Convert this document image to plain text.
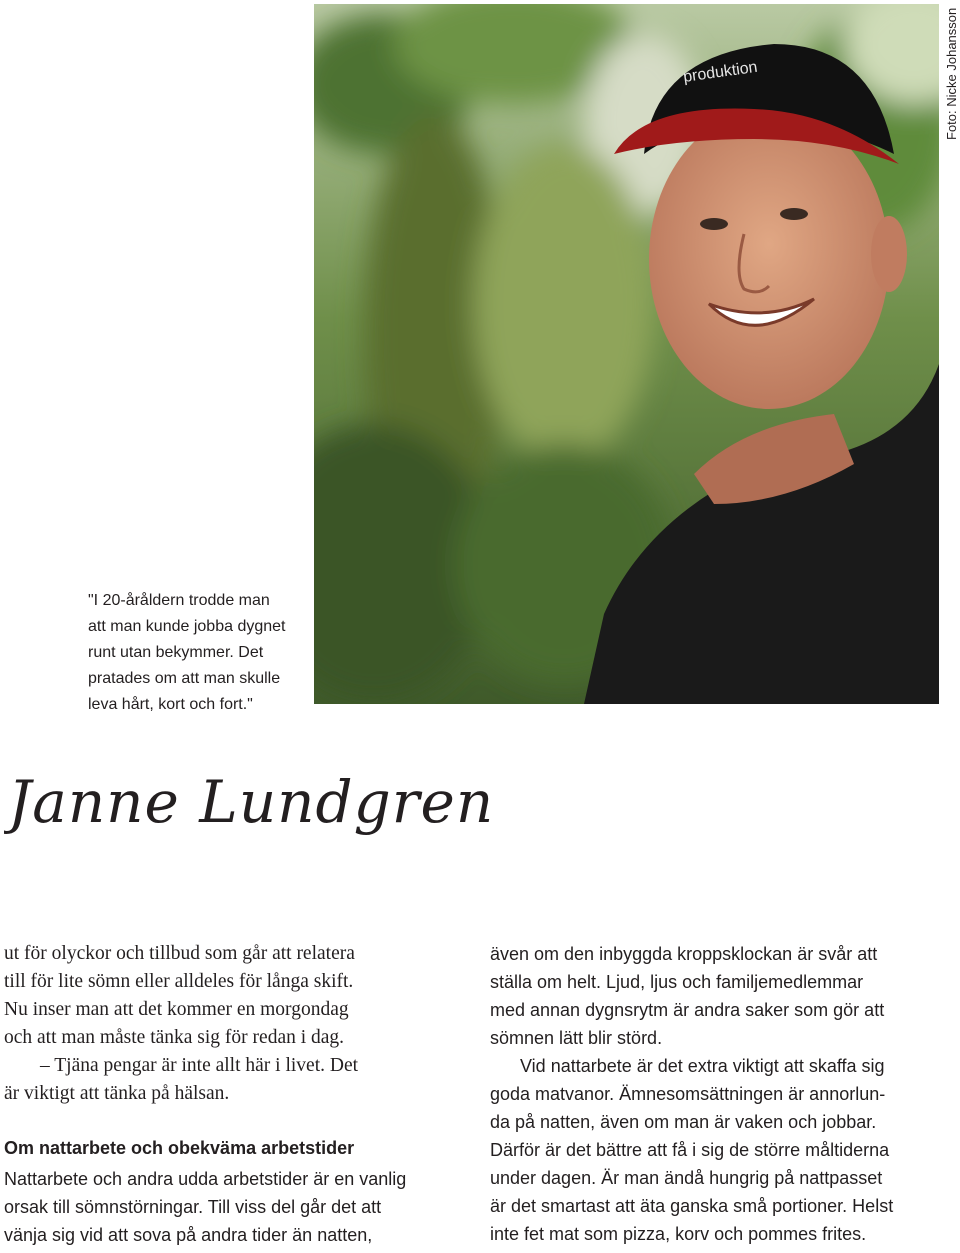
produktion	Foto: Nicke Johansson
"I 20-åråldern trodde man
att man kunde jobba dygnet
runt utan bekymmer. Det
pratades om att man skulle
leva hårt, kort och fort."
Janne Lundgren
ut för olyckor och tillbud som går att relatera
till för lite sömn eller alldeles för långa skift.
Nu inser man att det kommer en morgondag
och att man måste tänka sig för redan i dag.
– Tjäna pengar är inte allt här i livet. Det
är viktigt att tänka på hälsan.
Om nattarbete och obekväma arbetstider
Nattarbete och andra udda arbetstider är en vanlig
orsak till sömnstörningar. Till viss del går det att
vänja sig vid att sova på andra tider än natten,
även om den inbyggda kroppsklockan är svår att
ställa om helt. Ljud, ljus och familjemedlemmar
med annan dygnsrytm är andra saker som gör att
sömnen lätt blir störd.
Vid nattarbete är det extra viktigt att skaffa sig
goda matvanor. Ämnesomsättningen är annorlun-
da på natten, även om man är vaken och jobbar.
Därför är det bättre att få i sig de större måltiderna
under dagen. Är man ändå hungrig på nattpasset
är det smartast att äta ganska små portioner. Helst
inte fet mat som pizza, korv och pommes frites.
